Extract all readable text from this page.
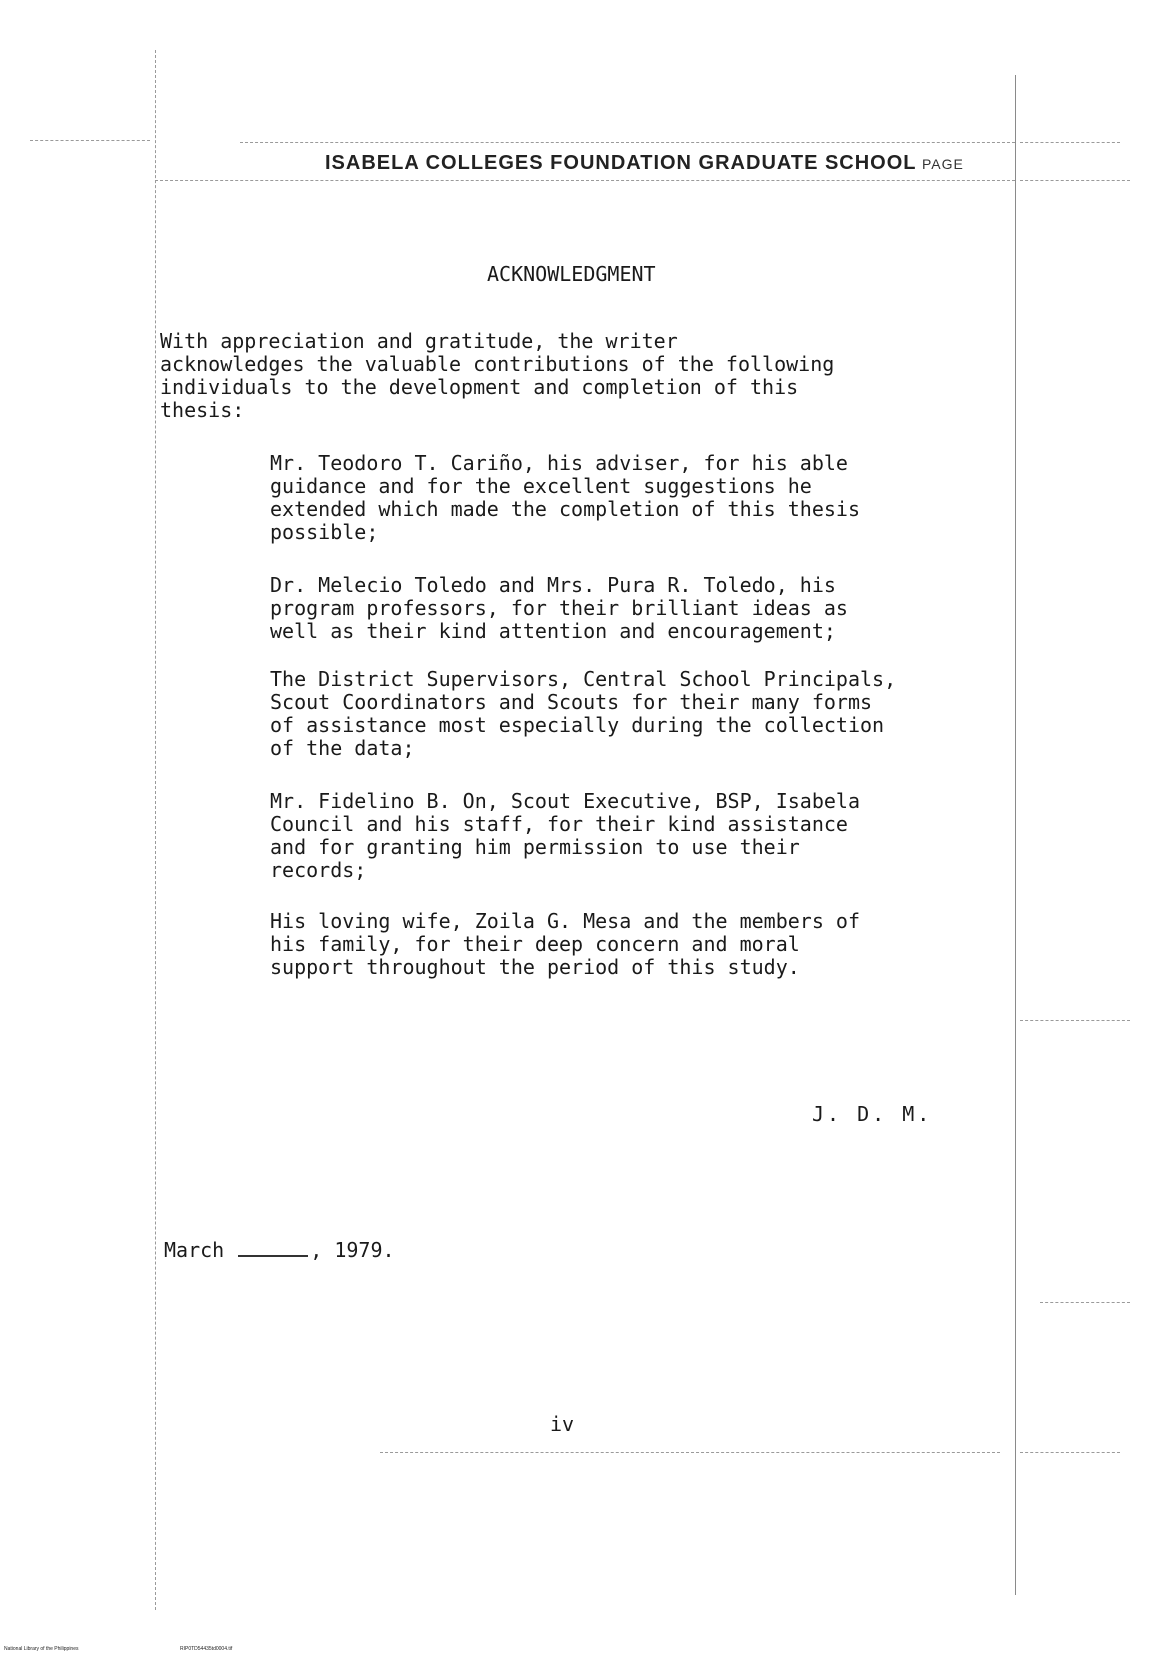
ISABELA COLLEGES FOUNDATION GRADUATE SCHOOL PAGE
ACKNOWLEDGMENT
With appreciation and gratitude, the writer
acknowledges the valuable contributions of the following
individuals to the development and completion of this
thesis:
Mr. Teodoro T. Cariño, his adviser, for his able
guidance and for the excellent suggestions he
extended which made the completion of this thesis
possible;
Dr. Melecio Toledo and Mrs. Pura R. Toledo, his
program professors, for their brilliant ideas as
well as their kind attention and encouragement;
The District Supervisors, Central School Principals,
Scout Coordinators and Scouts for their many forms
of assistance most especially during the collection
of the data;
Mr. Fidelino B. On, Scout Executive, BSP, Isabela
Council and his staff, for their kind assistance
and for granting him permission to use their
records;
His loving wife, Zoila G. Mesa and the members of
his family, for their deep concern and moral
support throughout the period of this study.
J. D. M.
March	, 1979.
iv
National Library of the Philippines	RIP0TD54435td0004.tif
